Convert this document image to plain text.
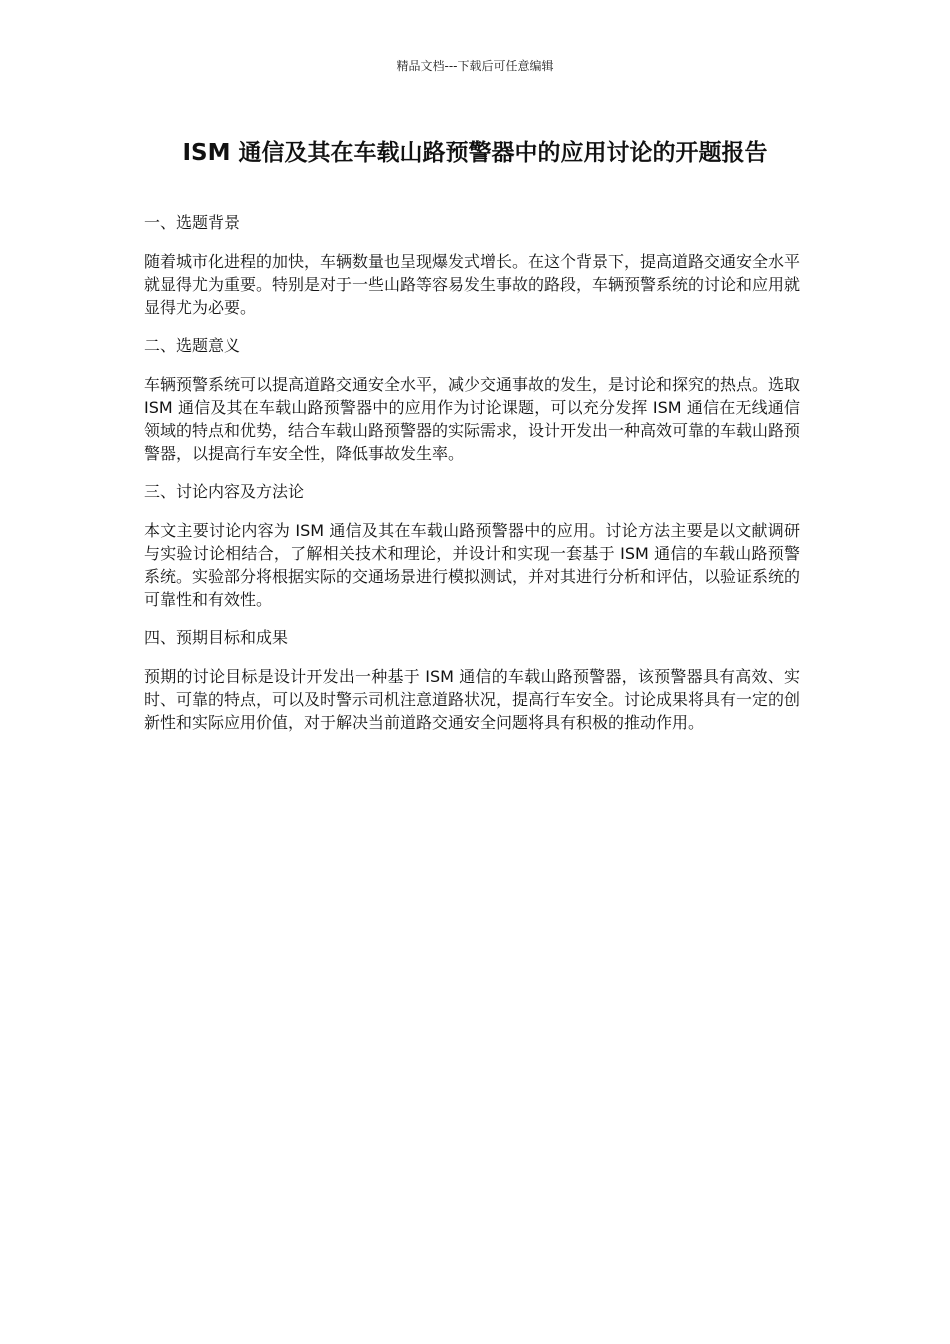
精品文档---下载后可任意编辑
ISM 通信及其在车载山路预警器中的应用讨论的开题报告

一、选题背景

随着城市化进程的加快，车辆数量也呈现爆发式增长。在这个背景下，提高道路交通安全水平就显得尤为重要。特别是对于一些山路等容易发生事故的路段，车辆预警系统的讨论和应用就显得尤为必要。

二、选题意义

车辆预警系统可以提高道路交通安全水平，减少交通事故的发生，是讨论和探究的热点。选取 ISM 通信及其在车载山路预警器中的应用作为讨论课题，可以充分发挥 ISM 通信在无线通信领域的特点和优势，结合车载山路预警器的实际需求，设计开发出一种高效可靠的车载山路预警器，以提高行车安全性，降低事故发生率。

三、讨论内容及方法论

本文主要讨论内容为 ISM 通信及其在车载山路预警器中的应用。讨论方法主要是以文献调研与实验讨论相结合，了解相关技术和理论，并设计和实现一套基于 ISM 通信的车载山路预警系统。实验部分将根据实际的交通场景进行模拟测试，并对其进行分析和评估，以验证系统的可靠性和有效性。

四、预期目标和成果

预期的讨论目标是设计开发出一种基于 ISM 通信的车载山路预警器，该预警器具有高效、实时、可靠的特点，可以及时警示司机注意道路状况，提高行车安全。讨论成果将具有一定的创新性和实际应用价值，对于解决当前道路交通安全问题将具有积极的推动作用。
